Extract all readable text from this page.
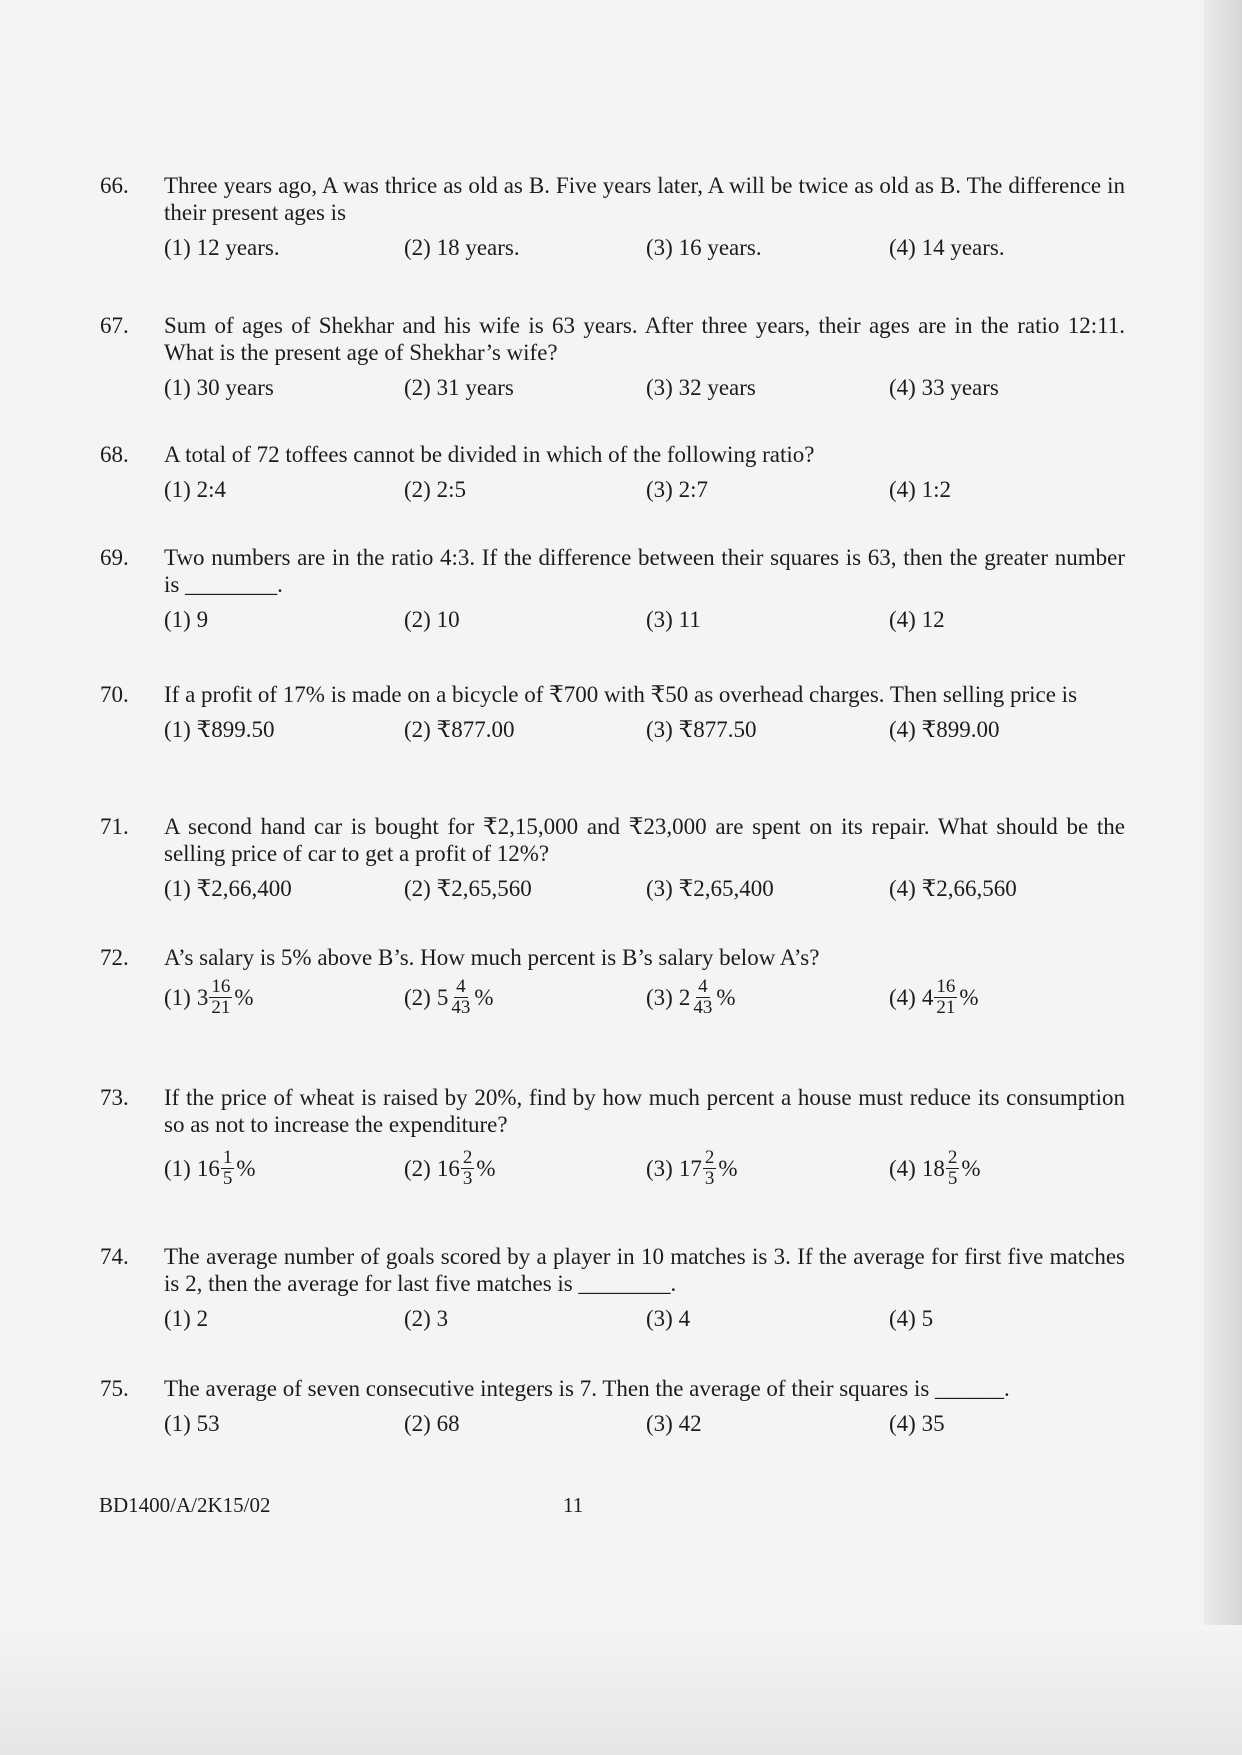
66.	Three years ago, A was thrice as old as B. Five years later, A will be twice as old as B. The difference in their present ages is
(1) 12 years.	(2) 18 years.	(3) 16 years.	(4) 14 years.
67.	Sum of ages of Shekhar and his wife is 63 years. After three years, their ages are in the ratio 12:11. What is the present age of Shekhar’s wife?
(1) 30 years	(2) 31 years	(3) 32 years	(4) 33 years
68.	A total of 72 toffees cannot be divided in which of the following ratio?
(1) 2:4	(2) 2:5	(3) 2:7	(4) 1:2
69.	Two numbers are in the ratio 4:3. If the difference between their squares is 63, then the greater number is ________.
(1) 9	(2) 10	(3) 11	(4) 12
70.	If a profit of 17% is made on a bicycle of ₹700 with ₹50 as overhead charges. Then selling price is
(1) ₹899.50	(2) ₹877.00	(3) ₹877.50	(4) ₹899.00
71.	A second hand car is bought for ₹2,15,000 and ₹23,000 are spent on its repair. What should be the selling price of car to get a profit of 12%?
(1) ₹2,66,400	(2) ₹2,65,560	(3) ₹2,65,400	(4) ₹2,66,560
72.	A’s salary is 5% above B’s. How much percent is B’s salary below A’s?
(1) $3 \frac{16}{21}$ %	(2) $5 \frac{4}{43}$ %	(3) $2 \frac{4}{43}$ %	(4) $4 \frac{16}{21}$ %
73.	If the price of wheat is raised by 20%, find by how much percent a house must reduce its consumption so as not to increase the expenditure?
(1) $16 \frac{1}{5}$ %	(2) $16 \frac{2}{3}$ %	(3) $17 \frac{2}{3}$ %	(4) $18 \frac{2}{5}$ %
74.	The average number of goals scored by a player in 10 matches is 3. If the average for first five matches is 2, then the average for last five matches is ________.
(1) 2	(2) 3	(3) 4	(4) 5
75.	The average of seven consecutive integers is 7. Then the average of their squares is ______.
(1) 53	(2) 68	(3) 42	(4) 35
BD1400/A/2K15/02	11
